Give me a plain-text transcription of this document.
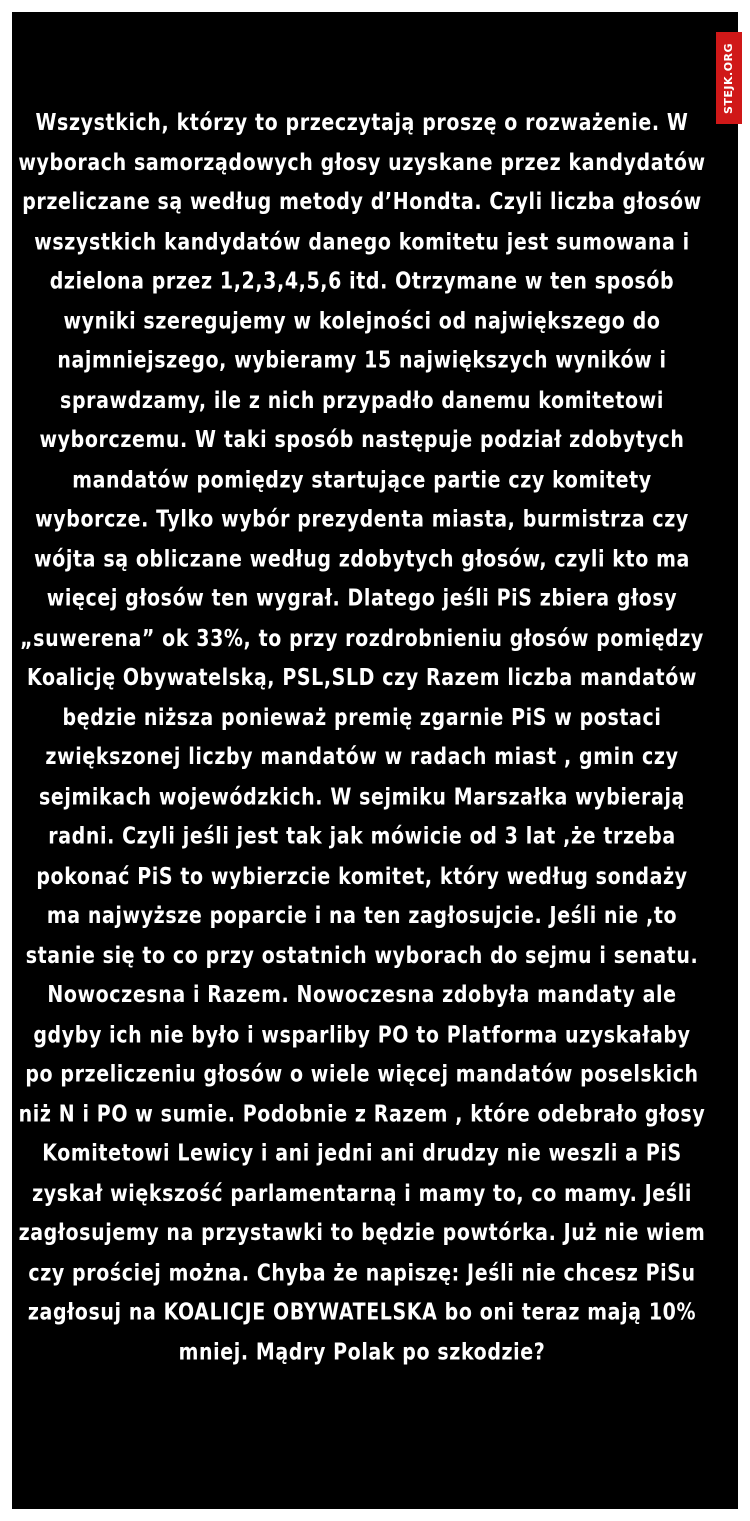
STEJK.ORG

Wszystkich, którzy to przeczytają proszę o rozważenie. W wyborach samorządowych głosy uzyskane przez kandydatów przeliczane są według metody d’Hondta. Czyli liczba głosów wszystkich kandydatów danego komitetu jest sumowana i dzielona przez 1,2,3,4,5,6 itd. Otrzymane w ten sposób wyniki szeregujemy w kolejności od największego do najmniejszego, wybieramy 15 największych wyników i sprawdzamy, ile z nich przypadło danemu komitetowi wyborczemu. W taki sposób następuje podział zdobytych mandatów pomiędzy startujące partie czy komitety wyborcze. Tylko wybór prezydenta miasta, burmistrza czy wójta są obliczane według zdobytych głosów, czyli kto ma więcej głosów ten wygrał. Dlatego jeśli PiS zbiera głosy „suwerena” ok 33%, to przy rozdrobnieniu głosów pomiędzy Koalicję Obywatelską, PSL,SLD czy Razem liczba mandatów będzie niższa ponieważ premię zgarnie PiS w postaci zwiększonej liczby mandatów w radach miast , gmin czy sejmikach wojewódzkich. W sejmiku Marszałka wybierają radni. Czyli jeśli jest tak jak mówicie od 3 lat ,że trzeba pokonać PiS to wybierzcie komitet, który według sondaży ma najwyższe poparcie i na ten zagłosujcie. Jeśli nie ,to stanie się to co przy ostatnich wyborach do sejmu i senatu. Nowoczesna i Razem. Nowoczesna zdobyła mandaty ale gdyby ich nie było i wsparliby PO to Platforma uzyskałaby po przeliczeniu głosów o wiele więcej mandatów poselskich niż N i PO w sumie. Podobnie z Razem , które odebrało głosy Komitetowi Lewicy i ani jedni ani drudzy nie weszli a PiS zyskał większość parlamentarną i mamy to, co mamy. Jeśli zagłosujemy na przystawki to będzie powtórka. Już nie wiem czy prościej można. Chyba że napiszę: Jeśli nie chcesz PiSu zagłosuj na KOALICJE OBYWATELSKA bo oni teraz mają 10% mniej. Mądry Polak po szkodzie?
